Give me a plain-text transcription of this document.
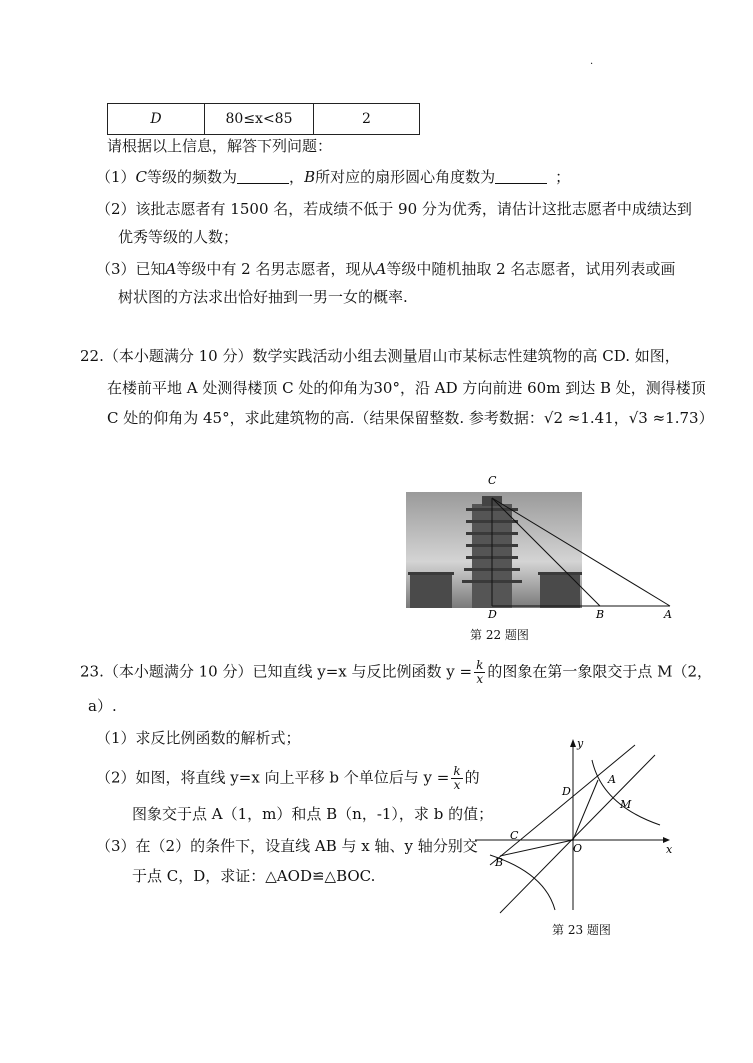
.
D	80≤x<85	2
请根据以上信息，解答下列问题：
（1）C等级的频数为	，B所对应的扇形圆心角度数为	；
（2）该批志愿者有 1500 名，若成绩不低于 90 分为优秀，请估计这批志愿者中成绩达到
优秀等级的人数；
（3）已知A等级中有 2 名男志愿者，现从A等级中随机抽取 2 名志愿者，试用列表或画
树状图的方法求出恰好抽到一男一女的概率.
22.（本小题满分 10 分）数学实践活动小组去测量眉山市某标志性建筑物的高 CD. 如图，
在楼前平地 A 处测得楼顶 C 处的仰角为30°，沿 AD 方向前进 60m 到达 B 处，测得楼顶
C 处的仰角为 45°，求此建筑物的高.（结果保留整数. 参考数据：√2 ≈1.41，√3 ≈1.73）
C
D	B	A
第 22 题图
23.（本小题满分 10 分）已知直线 y=x 与反比例函数 $y = \frac{k}{x}$ 的图象在第一象限交于点 M（2，
a）.
（1）求反比例函数的解析式；
（2）如图，将直线 y=x 向上平移 b 个单位后与 $y = \frac{k}{x}$ 的
图象交于点 A（1，m）和点 B（n，-1），求 b 的值；
（3）在（2）的条件下，设直线 AB 与 x 轴、y 轴分别交
于点 C，D，求证：△AOD≌△BOC.
y
x
O
A
M
D
C
B
第 23 题图
